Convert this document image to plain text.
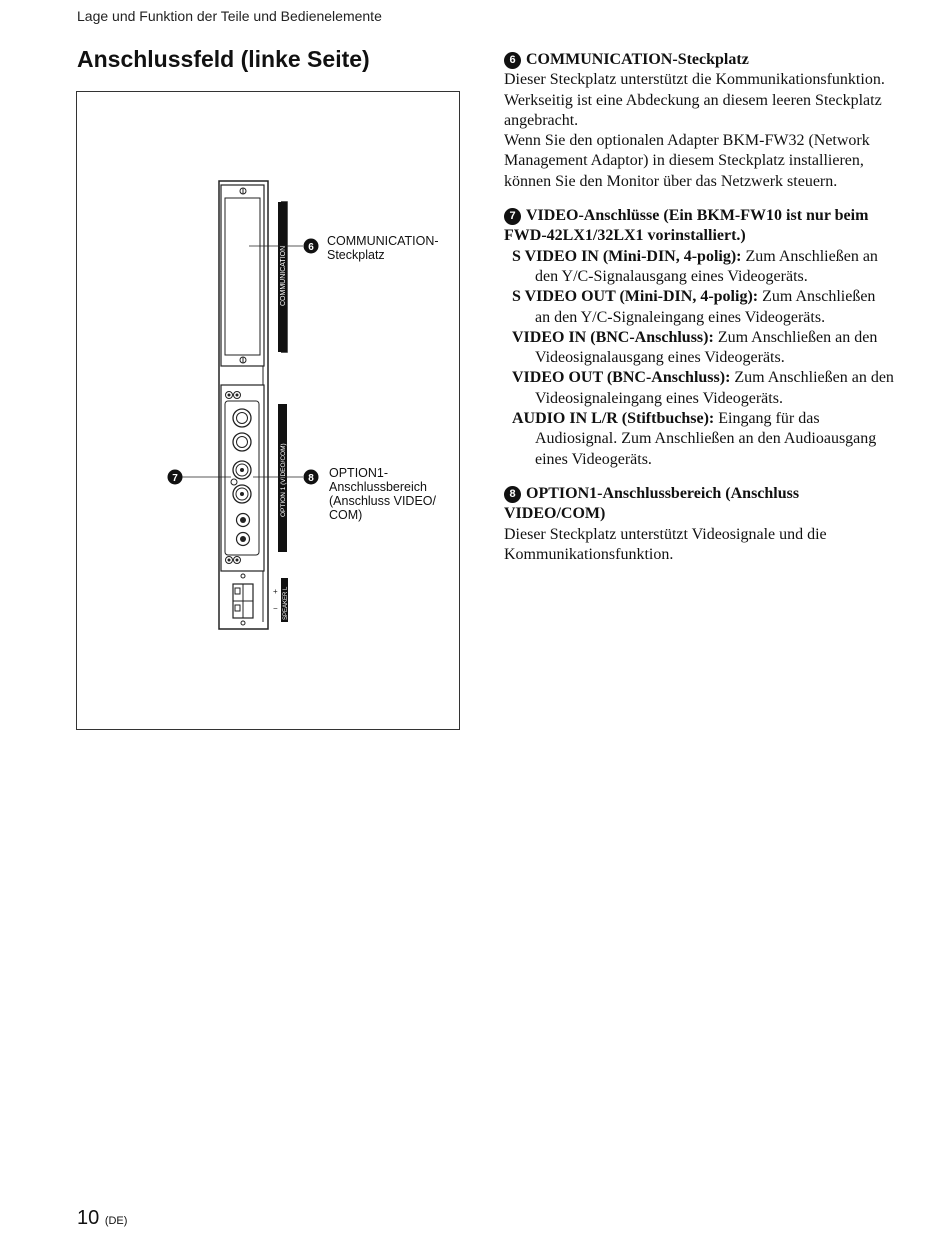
Lage und Funktion der Teile und Bedienelemente
Anschlussfeld (linke Seite)
COMMUNICATION
OPTION 1 (VIDEO/COM)
+
− SPEAKER L
6
7	8
COMMUNICATION-
Steckplatz
OPTION1-
Anschlussbereich
(Anschluss VIDEO/
COM)

6 COMMUNICATION-Steckplatz

Dieser Steckplatz unterstützt die Kommunikationsfunktion.

Werkseitig ist eine Abdeckung an diesem leeren Steckplatz angebracht.

Wenn Sie den optionalen Adapter BKM-FW32 (Network Management Adaptor) in diesem Steckplatz installieren, können Sie den Monitor über das Netzwerk steuern.

7 VIDEO-Anschlüsse (Ein BKM-FW10 ist nur beim FWD-42LX1/32LX1 vorinstalliert.)

S VIDEO IN (Mini-DIN, 4-polig): Zum Anschließen an den Y/C-Signalausgang eines Videogeräts.

S VIDEO OUT (Mini-DIN, 4-polig): Zum Anschließen an den Y/C-Signaleingang eines Videogeräts.

VIDEO IN (BNC-Anschluss): Zum Anschließen an den Videosignalausgang eines Videogeräts.

VIDEO OUT (BNC-Anschluss): Zum Anschließen an den Videosignaleingang eines Videogeräts.

AUDIO IN L/R (Stiftbuchse): Eingang für das Audiosignal. Zum Anschließen an den Audioausgang eines Videogeräts.

8 OPTION1-Anschlussbereich (Anschluss VIDEO/COM)

Dieser Steckplatz unterstützt Videosignale und die Kommunikationsfunktion.

10 (DE)
